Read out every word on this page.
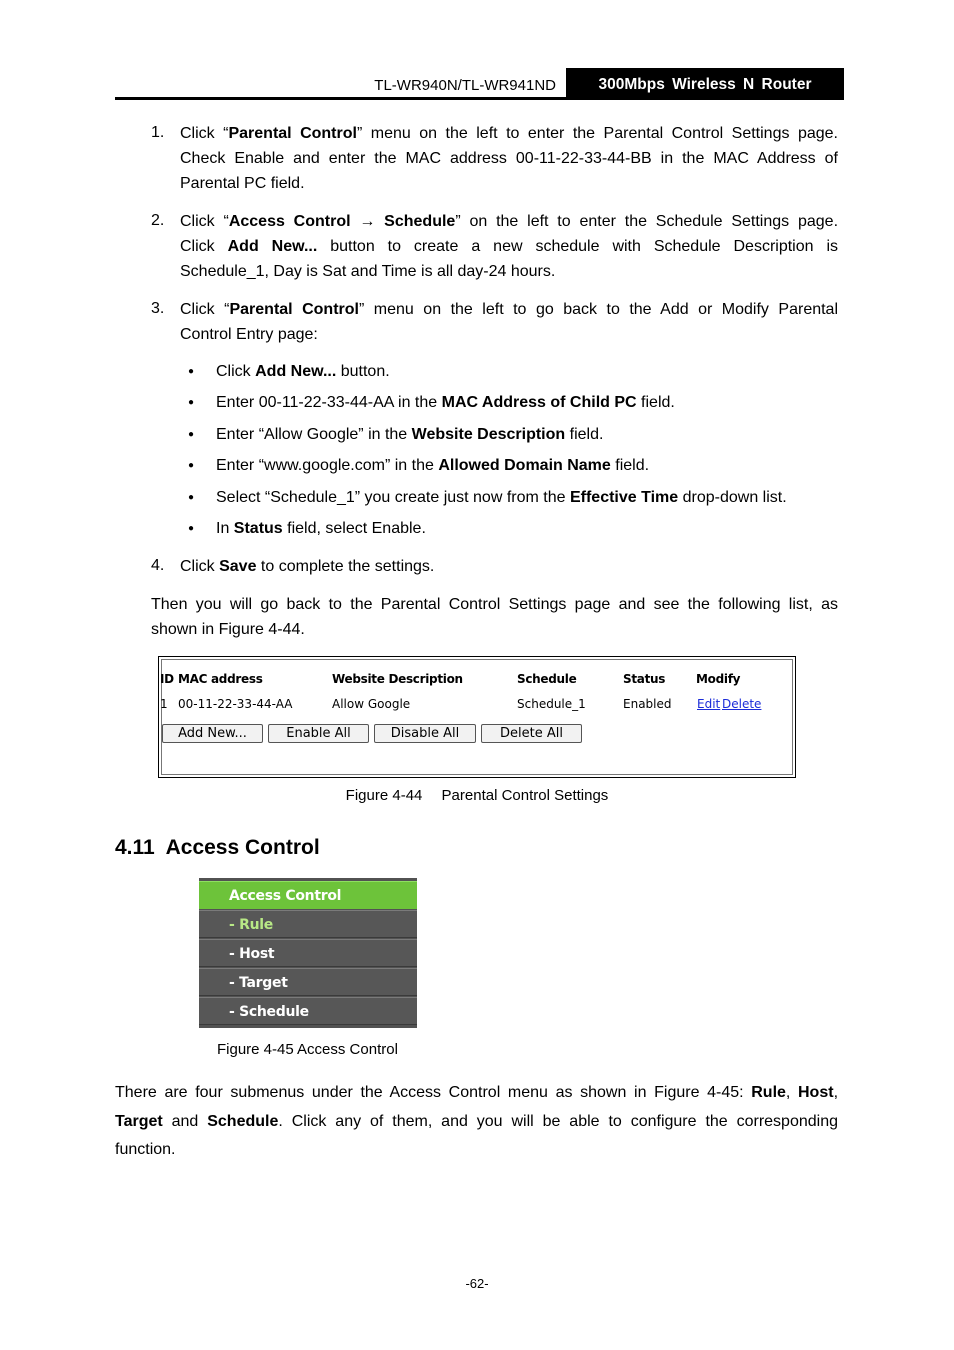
TL-WR940N/TL-WR941ND	300Mbps Wireless N Router
1. Click “Parental Control” menu on the left to enter the Parental Control Settings page.
Check Enable and enter the MAC address 00-11-22-33-44-BB in the MAC Address of
Parental PC field.
2. Click “Access Control → Schedule” on the left to enter the Schedule Settings page.
Click Add New... button to create a new schedule with Schedule Description is
Schedule_1, Day is Sat and Time is all day-24 hours.
3. Click “Parental Control” menu on the left to go back to the Add or Modify Parental
Control Entry page:
● Click Add New... button.
● Enter 00-11-22-33-44-AA in the MAC Address of Child PC field.
● Enter “Allow Google” in the Website Description field.
● Enter “www.google.com” in the Allowed Domain Name field.
● Select “Schedule_1” you create just now from the Effective Time drop-down list.
● In Status field, select Enable.
4. Click Save to complete the settings.
Then you will go back to the Parental Control Settings page and see the following list, as
shown in Figure 4-44.
ID MAC address	Website Description	Schedule	Status	Modify
1 00-11-22-33-44-AA	Allow Google	Schedule_1	Enabled Edit Delete
Add New...	Enable All	Disable All	Delete All
Figure 4-44  Parental Control Settings
4.11  Access Control
Access Control
- Rule
- Host
- Target
- Schedule
Figure 4-45 Access Control
There are four submenus under the Access Control menu as shown in Figure 4-45: Rule, Host,
Target and Schedule. Click any of them, and you will be able to configure the corresponding
function.
-62-
